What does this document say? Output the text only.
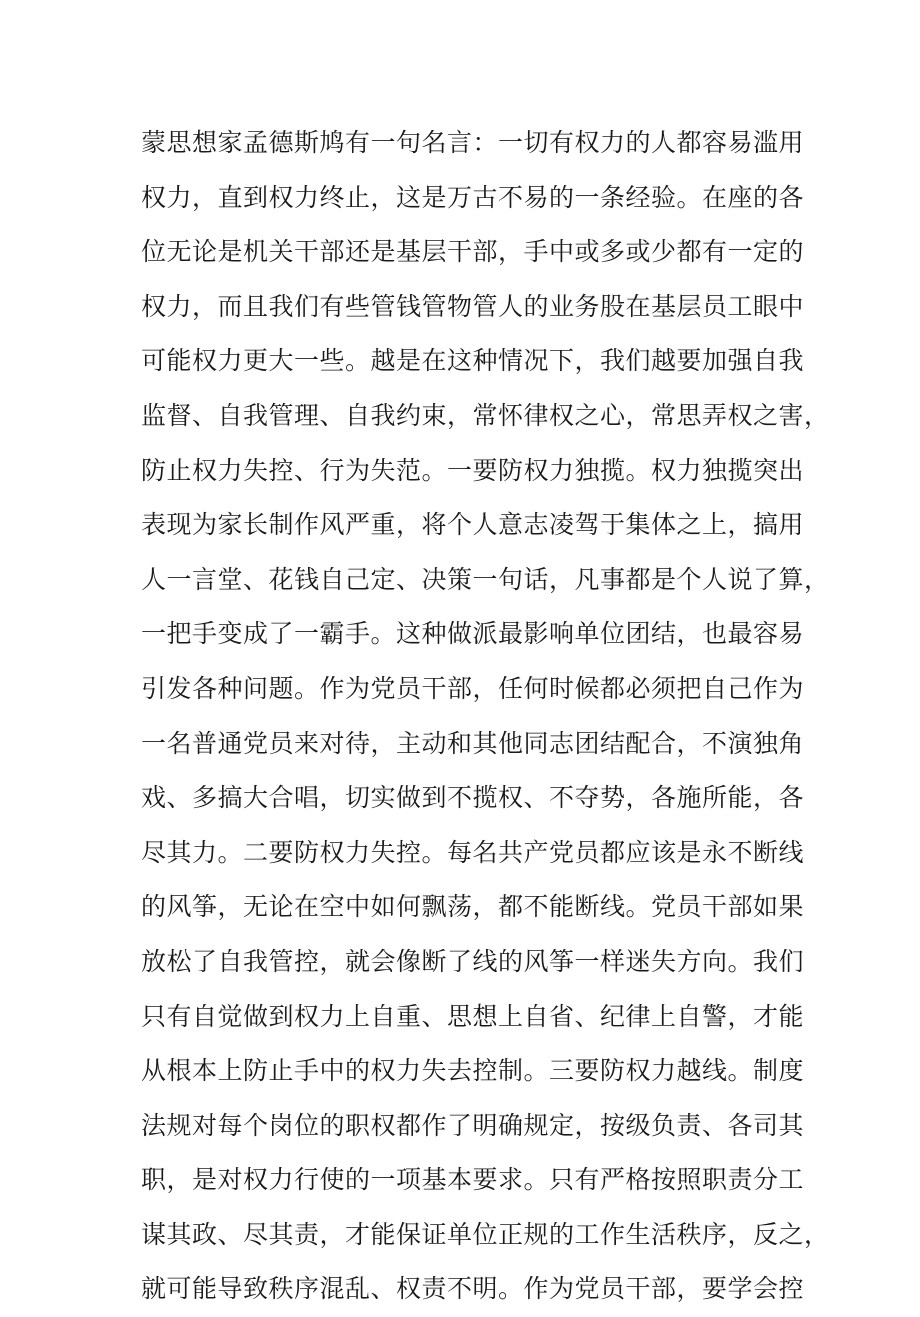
蒙思想家孟德斯鸠有一句名言：一切有权力的人都容易滥用
权力，直到权力终止，这是万古不易的一条经验。在座的各
位无论是机关干部还是基层干部，手中或多或少都有一定的
权力，而且我们有些管钱管物管人的业务股在基层员工眼中
可能权力更大一些。越是在这种情况下，我们越要加强自我
监督、自我管理、自我约束，常怀律权之心，常思弄权之害，
防止权力失控、行为失范。一要防权力独揽。权力独揽突出
表现为家长制作风严重，将个人意志凌驾于集体之上，搞用
人一言堂、花钱自己定、决策一句话，凡事都是个人说了算，
一把手变成了一霸手。这种做派最影响单位团结，也最容易
引发各种问题。作为党员干部，任何时候都必须把自己作为
一名普通党员来对待，主动和其他同志团结配合，不演独角
戏、多搞大合唱，切实做到不揽权、不夺势，各施所能，各
尽其力。二要防权力失控。每名共产党员都应该是永不断线
的风筝，无论在空中如何飘荡，都不能断线。党员干部如果
放松了自我管控，就会像断了线的风筝一样迷失方向。我们
只有自觉做到权力上自重、思想上自省、纪律上自警，才能
从根本上防止手中的权力失去控制。三要防权力越线。制度
法规对每个岗位的职权都作了明确规定，按级负责、各司其
职，是对权力行使的一项基本要求。只有严格按照职责分工
谋其政、尽其责，才能保证单位正规的工作生活秩序，反之，
就可能导致秩序混乱、权责不明。作为党员干部，要学会控
